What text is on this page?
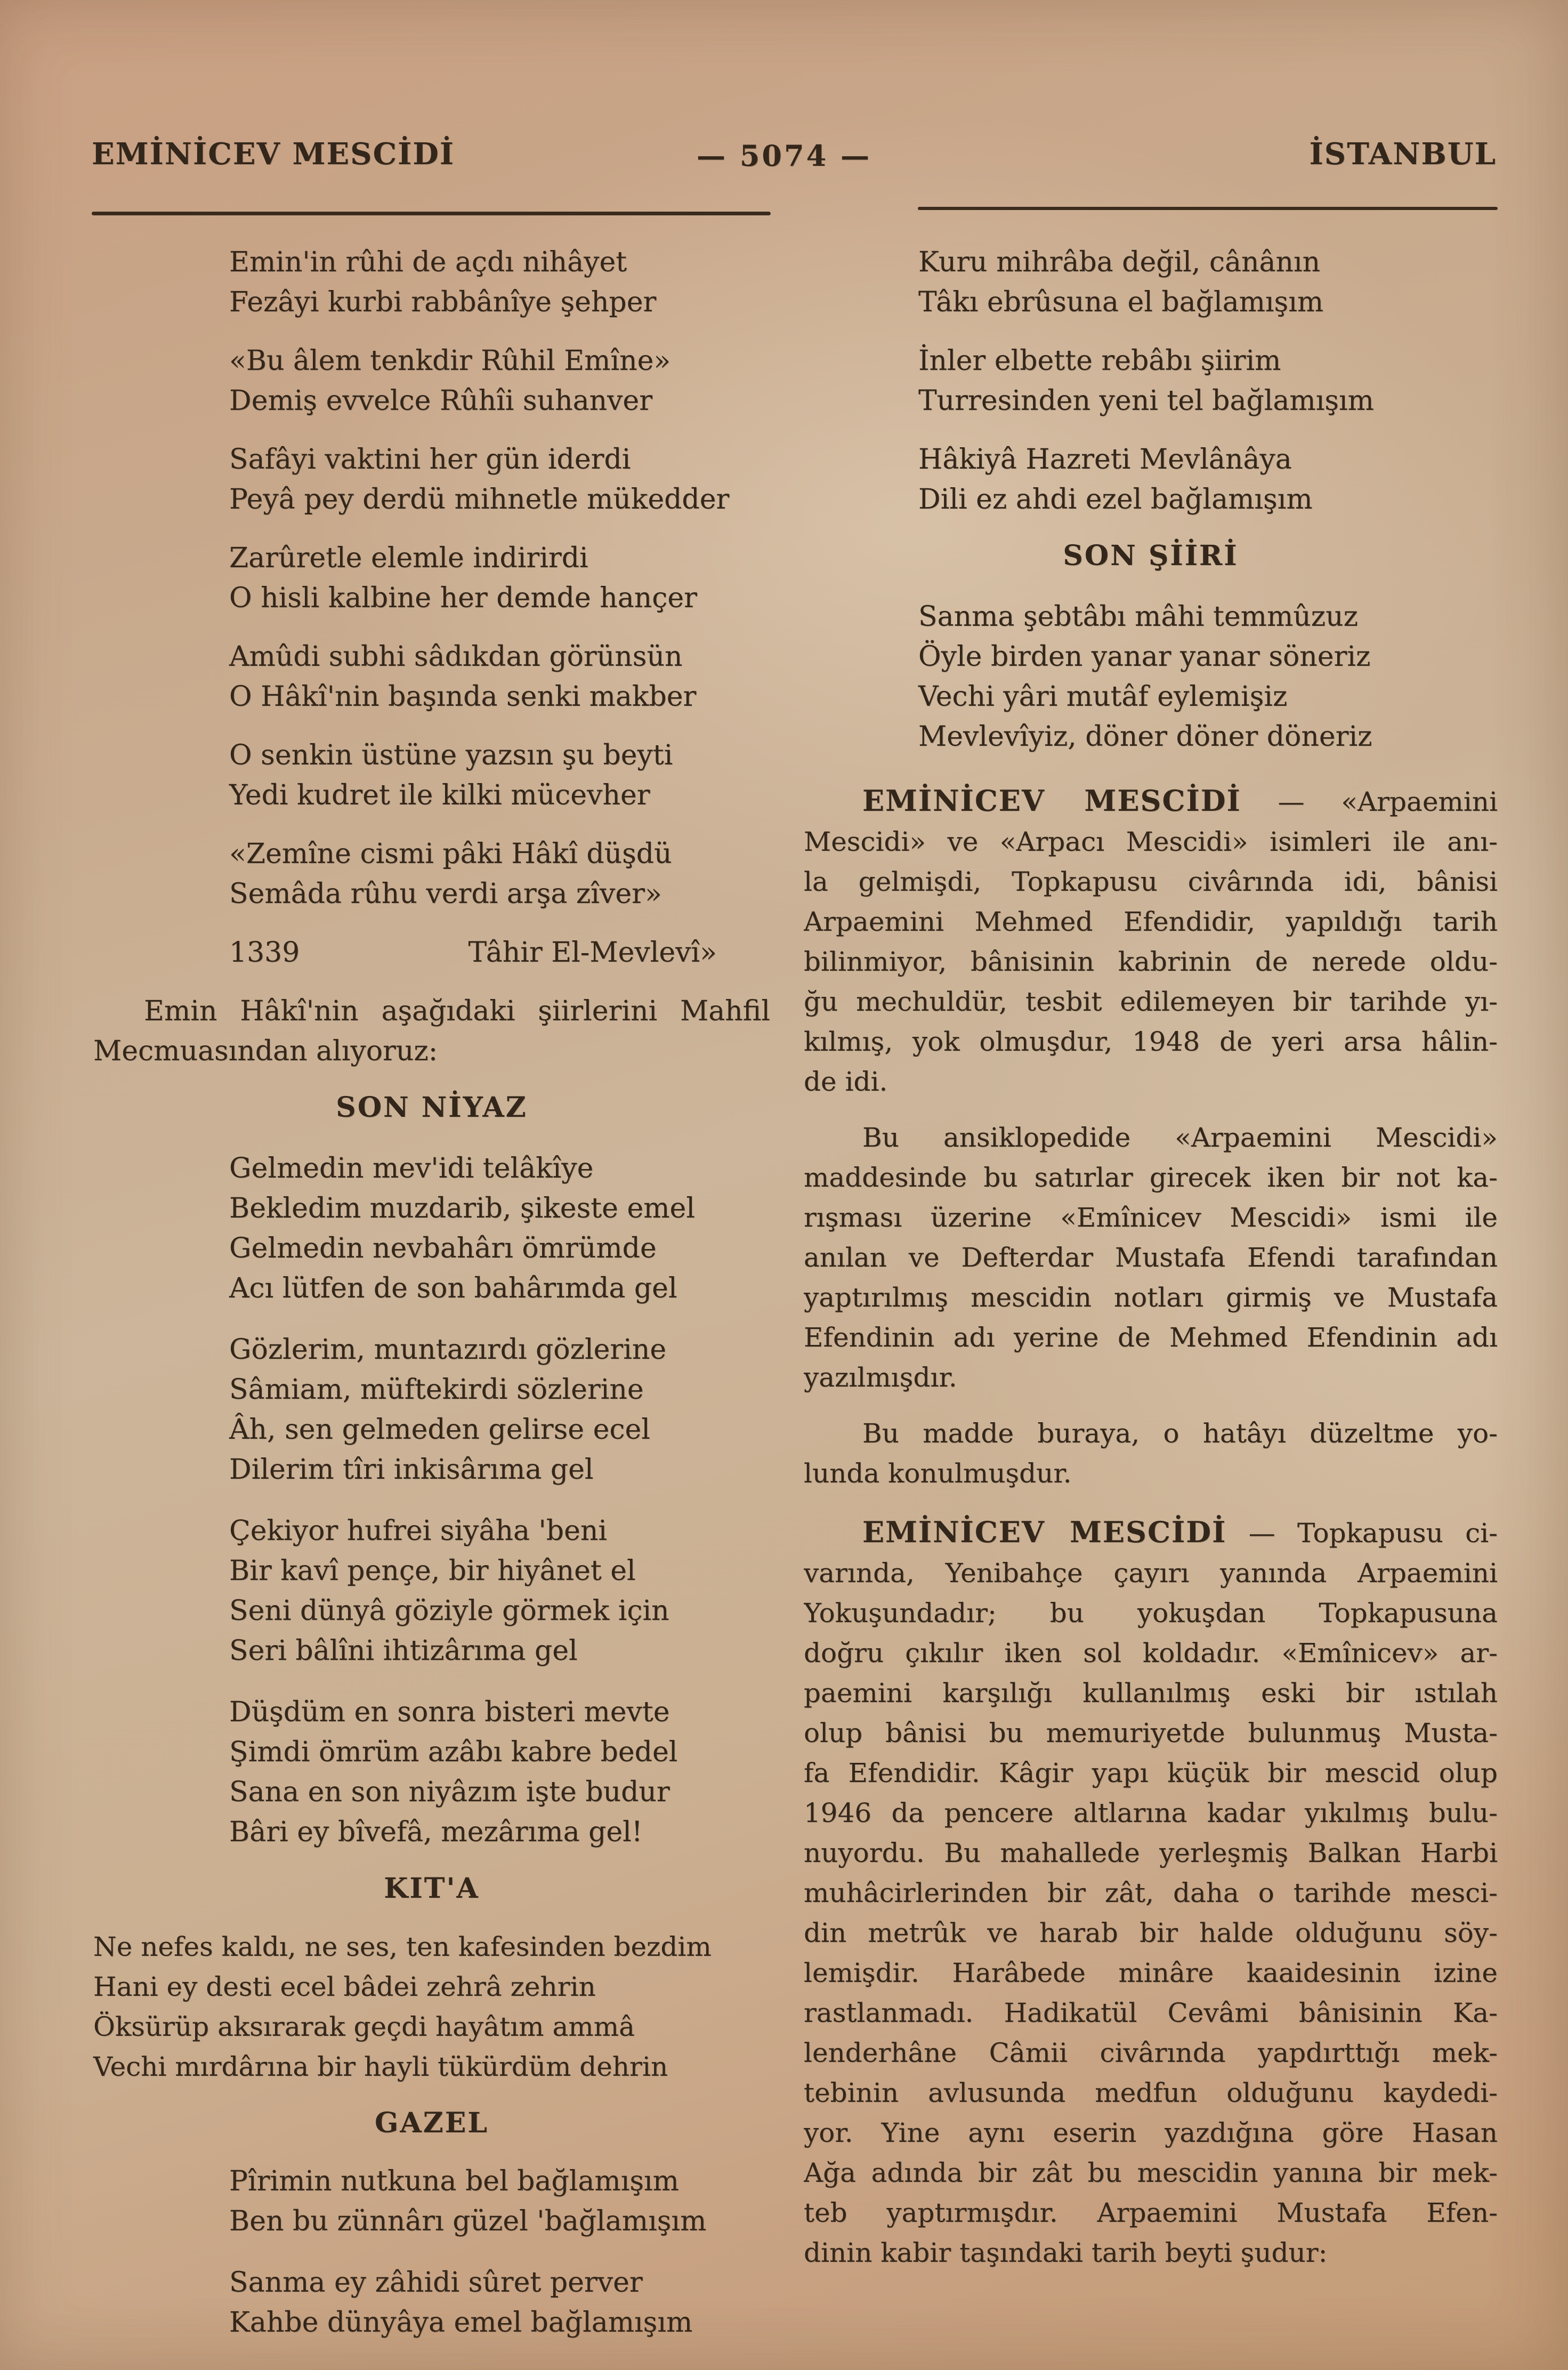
EMİNİCEV MESCİDİ	— 5074 —	İSTANBUL
Emin'in rûhi de açdı nihâyet
Fezâyi kurbi rabbânîye şehper
«Bu âlem tenkdir Rûhil Emîne»
Demiş evvelce Rûhîi suhanver
Safâyi vaktini her gün iderdi
Peyâ pey derdü mihnetle mükedder
Zarûretle elemle indirirdi
O hisli kalbine her demde hançer
Amûdi subhi sâdıkdan görünsün
O Hâkî'nin başında senki makber
O senkin üstüne yazsın şu beyti
Yedi kudret ile kilki mücevher
«Zemîne cismi pâki Hâkî düşdü
Semâda rûhu verdi arşa zîver»
1339	Tâhir El-Mevlevî»
Emin Hâkî'nin aşağıdaki şiirlerini Mahfil
Mecmuasından alıyoruz:
SON NİYAZ
Gelmedin mev'idi telâkîye
Bekledim muzdarib, şikeste emel
Gelmedin nevbahârı ömrümde
Acı lütfen de son bahârımda gel
Gözlerim, muntazırdı gözlerine
Sâmiam, müftekirdi sözlerine
Âh, sen gelmeden gelirse ecel
Dilerim tîri inkisârıma gel
Çekiyor hufrei siyâha 'beni
Bir kavî pençe, bir hiyânet el
Seni dünyâ göziyle görmek için
Seri bâlîni ihtizârıma gel
Düşdüm en sonra bisteri mevte
Şimdi ömrüm azâbı kabre bedel
Sana en son niyâzım işte budur
Bâri ey bîvefâ, mezârıma gel!
KIT'A
Ne nefes kaldı, ne ses, ten kafesinden bezdim
Hani ey desti ecel bâdei zehrâ zehrin
Öksürüp aksırarak geçdi hayâtım ammâ
Vechi mırdârına bir hayli tükürdüm dehrin
GAZEL
Pîrimin nutkuna bel bağlamışım
Ben bu zünnârı güzel 'bağlamışım
Sanma ey zâhidi sûret perver
Kahbe dünyâya emel bağlamışım
Kuru mihrâba değil, cânânın
Tâkı ebrûsuna el bağlamışım
İnler elbette rebâbı şiirim
Turresinden yeni tel bağlamışım
Hâkiyâ Hazreti Mevlânâya
Dili ez ahdi ezel bağlamışım
SON ŞİİRİ
Sanma şebtâbı mâhi temmûzuz
Öyle birden yanar yanar söneriz
Vechi yâri mutâf eylemişiz
Mevlevîyiz, döner döner döneriz
EMİNİCEV MESCİDİ — «Arpaemini
Mescidi» ve «Arpacı Mescidi» isimleri ile anı-
la gelmişdi, Topkapusu civârında idi, bânisi
Arpaemini Mehmed Efendidir, yapıldığı tarih
bilinmiyor, bânisinin kabrinin de nerede oldu-
ğu mechuldür, tesbit edilemeyen bir tarihde yı-
kılmış, yok olmuşdur, 1948 de yeri arsa hâlin-
de idi.
Bu ansiklopedide «Arpaemini Mescidi»
maddesinde bu satırlar girecek iken bir not ka-
rışması üzerine «Emînicev Mescidi» ismi ile
anılan ve Defterdar Mustafa Efendi tarafından
yaptırılmış mescidin notları girmiş ve Mustafa
Efendinin adı yerine de Mehmed Efendinin adı
yazılmışdır.
Bu madde buraya, o hatâyı düzeltme yo-
lunda konulmuşdur.
EMİNİCEV MESCİDİ — Topkapusu ci-
varında, Yenibahçe çayırı yanında Arpaemini
Yokuşundadır; bu yokuşdan Topkapusuna
doğru çıkılır iken sol koldadır. «Emînicev» ar-
paemini karşılığı kullanılmış eski bir ıstılah
olup bânisi bu memuriyetde bulunmuş Musta-
fa Efendidir. Kâgir yapı küçük bir mescid olup
1946 da pencere altlarına kadar yıkılmış bulu-
nuyordu. Bu mahallede yerleşmiş Balkan Harbi
muhâcirlerinden bir zât, daha o tarihde mesci-
din metrûk ve harab bir halde olduğunu söy-
lemişdir. Harâbede minâre kaaidesinin izine
rastlanmadı. Hadikatül Cevâmi bânisinin Ka-
lenderhâne Câmii civârında yapdırttığı mek-
tebinin avlusunda medfun olduğunu kaydedi-
yor. Yine aynı eserin yazdığına göre Hasan
Ağa adında bir zât bu mescidin yanına bir mek-
teb yaptırmışdır. Arpaemini Mustafa Efen-
dinin kabir taşındaki tarih beyti şudur:
